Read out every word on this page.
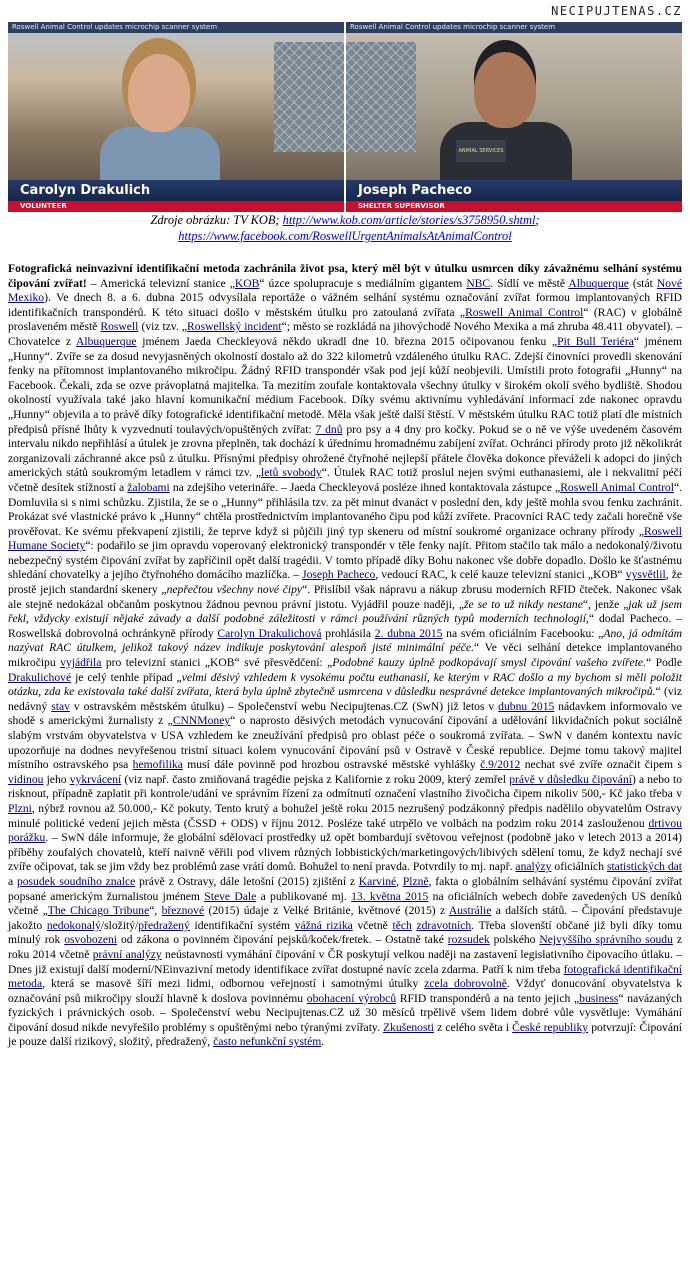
NECIPUJTENAS.CZ
Roswell Animal Control updates microchip scanner system
Carolyn Drakulich
VOLUNTEER
Roswell Animal Control updates microchip scanner system
ANIMAL SERVICES
Joseph Pacheco
SHELTER SUPERVISOR
Zdroje obrázku: TV KOB; http://www.kob.com/article/stories/s3758950.shtml;
https://www.facebook.com/RoswellUrgentAnimalsAtAnimalControl

Fotografická neinvazivní identifikační metoda zachránila život psa, který měl být v útulku usmrcen díky závažnému selhání systému čipování zvířat! – Americká televizní stanice „KOB“ úzce spolupracuje s mediálním gigantem NBC. Sídlí ve městě Albuquerque (stát Nové Mexiko). Ve dnech 8. a 6. dubna 2015 odvysílala reportáže o vážném selhání systému označování zvířat formou implantovaných RFID identifikačních transpondérů. K této situaci došlo v městském útulku pro zatoulaná zvířata „Roswell Animal Control“ (RAC) v globálně proslaveném městě Roswell (viz tzv. „Roswellský incident“; město se rozkládá na jihovýchodě Nového Mexika a má zhruba 48.411 obyvatel). – Chovatelce z Albuquerque jménem Jaeda Checkleyová někdo ukradl dne 10. března 2015 očipovanou fenku „Pit Bull Teriéra“ jménem „Hunny“. Zvíře se za dosud nevyjasněných okolností dostalo až do 322 kilometrů vzdáleného útulku RAC. Zdejší činovníci provedli skenování fenky na přítomnost implantovaného mikročipu. Žádný RFID transpondér však pod její kůží neobjevili. Umístili proto fotografii „Hunny“ na Facebook. Čekali, zda se ozve právoplatná majitelka. Ta mezitím zoufale kontaktovala všechny útulky v širokém okolí svého bydliště. Shodou okolností využívala také jako hlavní komunikační médium Facebook. Díky svému aktivnímu vyhledávání informací zde nakonec opravdu „Hunny“ objevila a to právě díky fotografické identifikační metodě. Měla však ještě další štěstí. V městském útulku RAC totiž platí dle místních předpisů přísné lhůty k vyzvednutí toulavých/opuštěných zvířat: 7 dnů pro psy a 4 dny pro kočky. Pokud se o ně ve výše uvedeném časovém intervalu nikdo nepřihlásí a útulek je zrovna přeplněn, tak dochází k úřednímu hromadnému zabíjení zvířat. Ochránci přírody proto již několikrát zorganizovali záchranné akce psů z útulku. Přísnými předpisy ohrožené čtyřnohé nejlepší přátele člověka dokonce převáželi k adopci do jiných amerických států soukromým letadlem v rámci tzv. „letů svobody“. Útulek RAC totiž proslul nejen svými euthanasiemi, ale i nekvalitní péčí včetně desítek stížností a žalobami na zdejšího veterináře. – Jaeda Checkleyová posléze ihned kontaktovala zástupce „Roswell Animal Control“. Domluvila si s nimi schůzku. Zjistila, že se o „Hunny“ přihlásila tzv. za pět minut dvanáct v poslední den, kdy ještě mohla svou fenku zachránit. Prokázat své vlastnické právo k „Hunny“ chtěla prostřednictvím implantovaného čipu pod kůží zvířete. Pracovníci RAC tedy začali horečně vše prověřovat. Ke svému překvapení zjistili, že teprve když si půjčili jiný typ skeneru od místní soukromé organizace ochrany přírody „Roswell Humane Society“: podařilo se jim opravdu voperovaný elektronický transpondér v těle fenky najít. Přitom stačilo tak málo a nedokonalý/životu nebezpečný systém čipování zvířat by zapříčinil opět další tragédii. V tomto případě díky Bohu nakonec vše dobře dopadlo. Došlo ke šťastnému shledání chovatelky a jejího čtyřnohého domácího mazlíčka. – Joseph Pacheco, vedoucí RAC, k celé kauze televizní stanici „KOB“ vysvětlil, že prostě jejich standardní skenery „nepřečtou všechny nové čipy“. Přislíbil však nápravu a nákup zbrusu moderních RFID čteček. Nakonec však ale stejně nedokázal občanům poskytnou žádnou pevnou právní jistotu. Vyjádřil pouze naději, „že se to už nikdy nestane“, jenže „jak už jsem řekl, vždycky existují nějaké závady a další podobné záležitosti v rámci používání různých typů moderních technologií,“ dodal Pacheco. – Roswellská dobrovolná ochránkyně přírody Carolyn Drakulichová prohlásila 2. dubna 2015 na svém oficiálním Facebooku: „Ano, já odmítám nazývat RAC útulkem, jelikož takový název indikuje poskytování alespoň jisté minimální péče.“ Ve věci selhání detekce implantovaného mikročipu vyjádřila pro televizní stanici „KOB“ své přesvědčení: „Podobné kauzy úplně podkopávají smysl čipování vašeho zvířete.“ Podle Drakulichové je celý tenhle případ „velmi děsivý vzhledem k vysokému počtu euthanasií, ke kterým v RAC došlo a my bychom si měli položit otázku, zda ke existovala také další zvířata, která byla úplně zbytečně usmrcena v důsledku nesprávné detekce implantovaných mikročipů.“ (viz nedávný stav v ostravském městském útulku) – Společenství webu Necipujtenas.CZ (SwN) již letos v dubnu 2015 nádavkem informovalo ve shodě s americkými žurnalisty z „CNNMoney“ o naprosto děsivých metodách vynucování čipování a udělování likvidačních pokut sociálně slabým vrstvám obyvatelstva v USA vzhledem ke zneužívání předpisů pro oblast péče o soukromá zvířata. – SwN v daném kontextu navíc upozorňuje na dodnes nevyřešenou tristní situaci kolem vynucování čipování psů v Ostravě v České republice. Dejme tomu takový majitel místního ostravského psa hemofilika musí dále povinně pod hrozbou ostravské městské vyhlášky č.9/2012 nechat své zvíře označit čipem s vidinou jeho vykrvácení (viz např. často zmiňovaná tragédie pejska z Kalifornie z roku 2009, který zemřel právě v důsledku čipování) a nebo to risknout, případně zaplatit při kontrole/udání ve správním řízení za odmítnutí označení vlastního živočicha čipem nikoliv 500,- Kč jako třeba v Plzni, nýbrž rovnou až 50.000,- Kč pokuty. Tento krutý a bohužel ještě roku 2015 nezrušený podzákonný předpis nadělilo obyvatelům Ostravy minulé politické vedení jejich města (ČSSD + ODS) v říjnu 2012. Posléze také utrpělo ve volbách na podzim roku 2014 zaslouženou drtivou porážku. – SwN dále informuje, že globální sdělovací prostředky už opět bombardují světovou veřejnost (podobně jako v letech 2013 a 2014) příběhy zoufalých chovatelů, kteří naivně věřili pod vlivem různých lobbistických/marketingových/libivých sdělení tomu, že když nechají své zvíře očipovat, tak se jim vždy bez problémů zase vrátí domů. Bohužel to není pravda. Potvrdily to mj. např. analýzy oficiálních statistických dat a posudek soudního znalce právě z Ostravy, dále letošní (2015) zjištění z Karviné, Plzně, fakta o globálním selhávání systému čipování zvířat popsané americkým žurnalistou jménem Steve Dale a publikované mj. 13. května 2015 na oficiálních webech dobře zavedených US deníků včetně „The Chicago Tribune“, březnové (2015) údaje z Velké Británie, květnové (2015) z Austrálie a dalších států. – Čipování představuje jakožto nedokonalý/složitý/předražený identifikační systém vážná rizika včetně těch zdravotních. Třeba slovenští občané již byli díky tomu minulý rok osvobozeni od zákona o povinném čipování pejsků/koček/fretek. – Ostatně také rozsudek polského Nejvyššího správního soudu z roku 2014 včetně právní analýzy neústavnosti vymáhání čipování v ČR poskytují velkou naději na zastavení legislativního čipovacího útlaku. – Dnes již existují další moderní/NEinvazivní metody identifikace zvířat dostupné navíc zcela zdarma. Patří k nim třeba fotografická identifikační metoda, která se masově šíří mezi lidmi, odbornou veřejností i samotnými útulky zcela dobrovolně. Vždyť donucování obyvatelstva k označování psů mikročipy slouží hlavně k doslova povinnému obohacení výrobců RFID transpondérů a na tento jejich „business“ navázaných fyzických i právnických osob. – Společenství webu Necipujtenas.CZ už 30 měsíců trpělivě všem lidem dobré vůle vysvětluje: Vymáhání čipování dosud nikde nevyřešilo problémy s opuštěnými nebo týranými zvířaty. Zkušenosti z celého světa i České republiky potvrzují: Čipování je pouze další rizikový, složitý, předražený, často nefunkční systém.
